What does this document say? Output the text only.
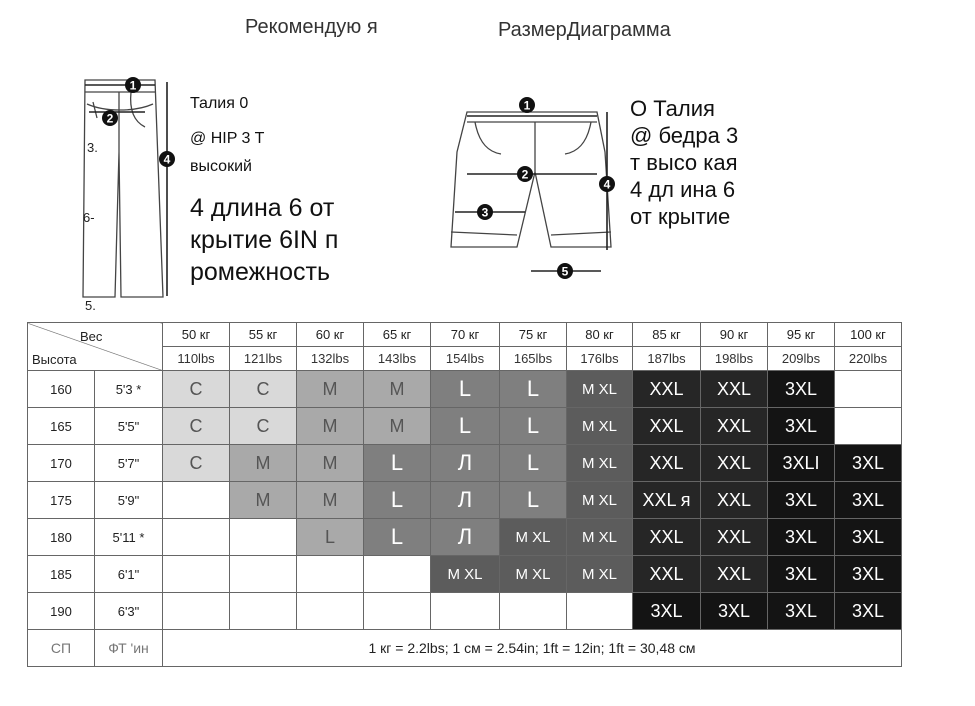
Рекомендую я	РазмерДиаграмма
1
2
4
3.
6-
5.
Талия 0
@ HIP 3 T
высокий
4 длина 6 от крытие 6IN п ромежность
1
2
3
4
5
О Талия @ бедра 3 т высо кая 4 дл ина 6 от крытие
Вес
Высота		50 кг	55 кг	60 кг	65 кг	70 кг	75 кг	80 кг	85 кг	90 кг	95 кг	100 кг
		110lbs	121lbs	132lbs	143lbs	154lbs	165lbs	176lbs	187lbs	198lbs	209lbs	220lbs
160	5'3 *	С	С	М	М	L	L	M XL	XXL	XXL	3XL	
165	5'5"	С	С	М	М	L	L	M XL	XXL	XXL	3XL	
170	5'7"	С	М	М	L	Л	L	M XL	XXL	XXL	3XLI	3XL
175	5'9"		М	М	L	Л	L	M XL	XXL я	XXL	3XL	3XL
180	5'11 *			L	L	Л	M XL	M XL	XXL	XXL	3XL	3XL
185	6'1"					M XL	M XL	M XL	XXL	XXL	3XL	3XL
190	6'3"								3XL	3XL	3XL	3XL
СП	ФТ 'ин	1 кг = 2.2lbs; 1 см = 2.54in; 1ft = 12in; 1ft = 30,48 см										
